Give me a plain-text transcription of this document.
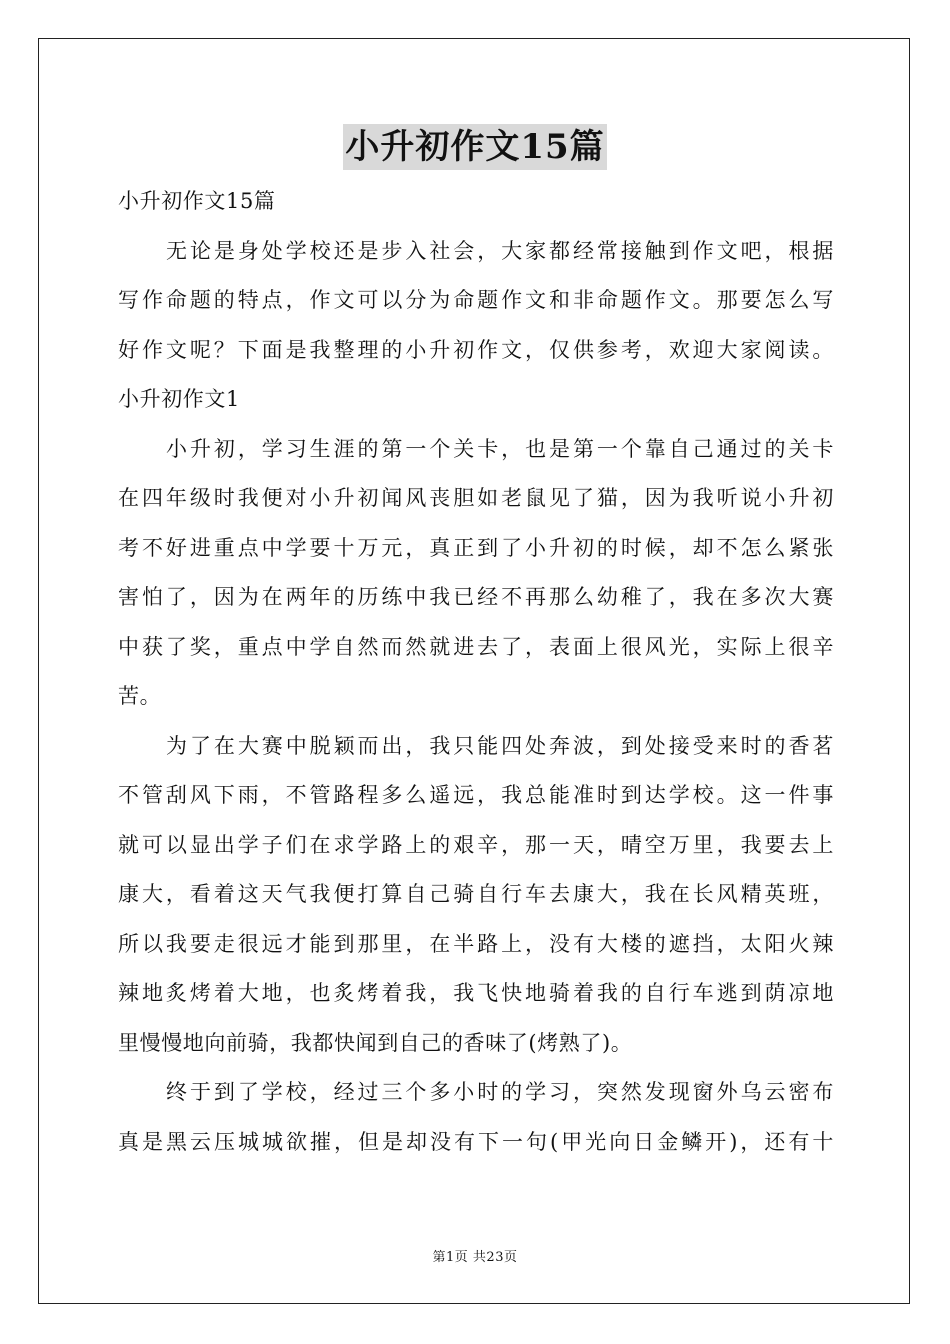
小升初作文15篇
小升初作文15篇
无论是身处学校还是步入社会，大家都经常接触到作文吧，根据
写作命题的特点，作文可以分为命题作文和非命题作文。那要怎么写
好作文呢？下面是我整理的小升初作文，仅供参考，欢迎大家阅读。
小升初作文1
小升初，学习生涯的第一个关卡，也是第一个靠自己通过的关卡
在四年级时我便对小升初闻风丧胆如老鼠见了猫，因为我听说小升初
考不好进重点中学要十万元，真正到了小升初的时候，却不怎么紧张
害怕了，因为在两年的历练中我已经不再那么幼稚了，我在多次大赛
中获了奖，重点中学自然而然就进去了，表面上很风光，实际上很辛
苦。
为了在大赛中脱颖而出，我只能四处奔波，到处接受来时的香茗
不管刮风下雨，不管路程多么遥远，我总能准时到达学校。这一件事
就可以显出学子们在求学路上的艰辛，那一天，晴空万里，我要去上
康大，看着这天气我便打算自己骑自行车去康大，我在长风精英班，
所以我要走很远才能到那里，在半路上，没有大楼的遮挡，太阳火辣
辣地炙烤着大地，也炙烤着我，我飞快地骑着我的自行车逃到荫凉地
里慢慢地向前骑，我都快闻到自己的香味了(烤熟了)。
终于到了学校，经过三个多小时的学习，突然发现窗外乌云密布
真是黑云压城城欲摧，但是却没有下一句(甲光向日金鳞开)，还有十
第1页 共23页
